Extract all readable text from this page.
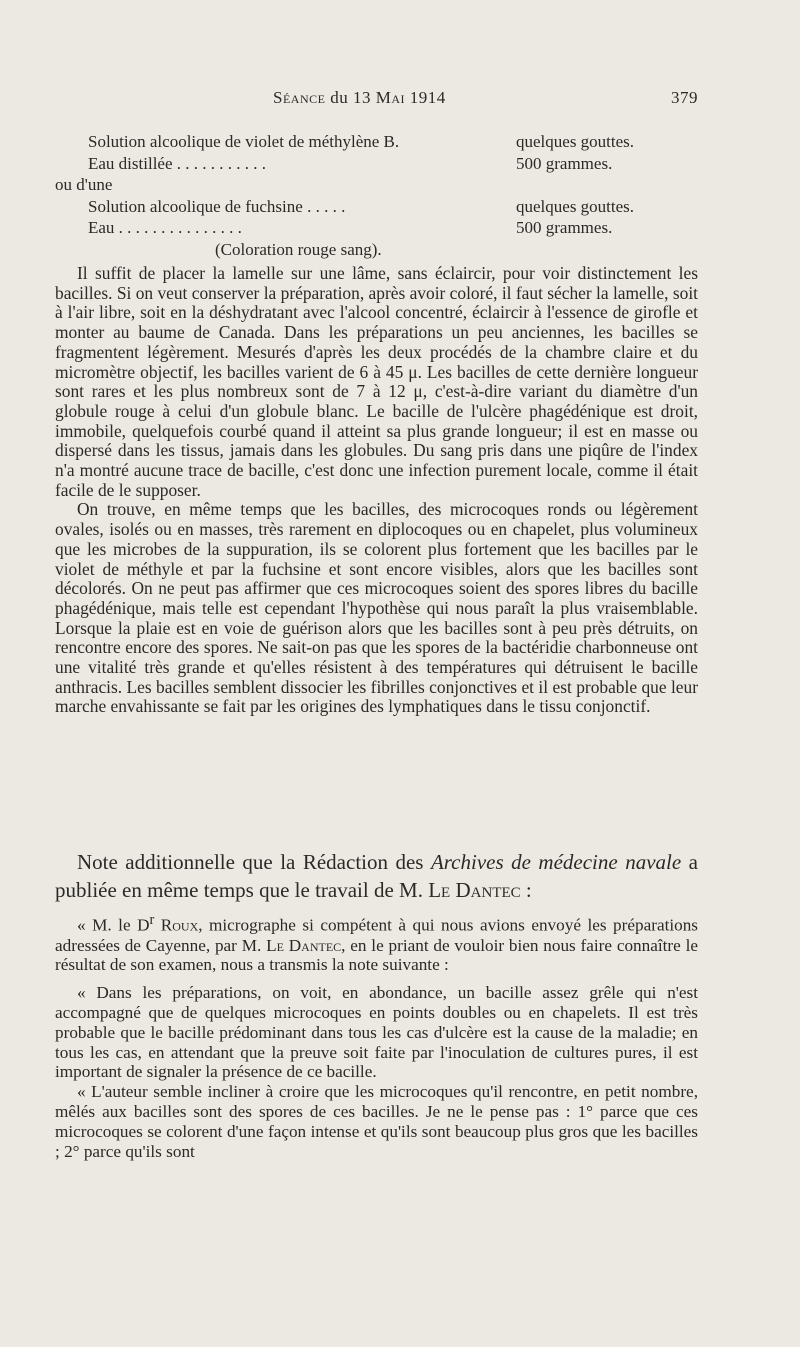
Séance du 13 Mai 1914	379
Solution alcoolique de violet de méthylène B.	quelques gouttes.
Eau distillée . . . . . . . . . . .	500 grammes.
ou d'une
Solution alcoolique de fuchsine . . . . .	quelques gouttes.
Eau . . . . . . . . . . . . . . .	500 grammes.
(Coloration rouge sang).

Il suffit de placer la lamelle sur une lâme, sans éclaircir, pour voir distinctement les bacilles. Si on veut conserver la préparation, après avoir coloré, il faut sécher la lamelle, soit à l'air libre, soit en la déshydratant avec l'alcool concentré, éclaircir à l'essence de girofle et monter au baume de Canada. Dans les préparations un peu anciennes, les bacilles se fragmentent légèrement. Mesurés d'après les deux procédés de la chambre claire et du micromètre objectif, les bacilles varient de 6 à 45 μ. Les bacilles de cette dernière longueur sont rares et les plus nombreux sont de 7 à 12 μ, c'est-à-dire variant du diamètre d'un globule rouge à celui d'un globule blanc. Le bacille de l'ulcère phagédénique est droit, immobile, quelquefois courbé quand il atteint sa plus grande longueur; il est en masse ou dispersé dans les tissus, jamais dans les globules. Du sang pris dans une piqûre de l'index n'a montré aucune trace de bacille, c'est donc une infection purement locale, comme il était facile de le supposer.

On trouve, en même temps que les bacilles, des microcoques ronds ou légèrement ovales, isolés ou en masses, très rarement en diplocoques ou en chapelet, plus volumineux que les microbes de la suppuration, ils se colorent plus fortement que les bacilles par le violet de méthyle et par la fuchsine et sont encore visibles, alors que les bacilles sont décolorés. On ne peut pas affirmer que ces microcoques soient des spores libres du bacille phagédénique, mais telle est cependant l'hypothèse qui nous paraît la plus vraisemblable. Lorsque la plaie est en voie de guérison alors que les bacilles sont à peu près détruits, on rencontre encore des spores. Ne sait-on pas que les spores de la bactéridie charbonneuse ont une vitalité très grande et qu'elles résistent à des températures qui détruisent le bacille anthracis. Les bacilles semblent dissocier les fibrilles conjonctives et il est probable que leur marche envahissante se fait par les origines des lymphatiques dans le tissu conjonctif.

Note additionnelle que la Rédaction des Archives de médecine navale a publiée en même temps que le travail de M. Le Dantec :

« M. le $D^r$ Roux, micrographe si compétent à qui nous avions envoyé les préparations adressées de Cayenne, par M. Le Dantec, en le priant de vouloir bien nous faire connaître le résultat de son examen, nous a transmis la note suivante :

« Dans les préparations, on voit, en abondance, un bacille assez grêle qui n'est accompagné que de quelques microcoques en points doubles ou en chapelets. Il est très probable que le bacille prédominant dans tous les cas d'ulcère est la cause de la maladie; en tous les cas, en attendant que la preuve soit faite par l'inoculation de cultures pures, il est important de signaler la présence de ce bacille.

« L'auteur semble incliner à croire que les microcoques qu'il rencontre, en petit nombre, mêlés aux bacilles sont des spores de ces bacilles. Je ne le pense pas : 1° parce que ces microcoques se colorent d'une façon intense et qu'ils sont beaucoup plus gros que les bacilles ; 2° parce qu'ils sont
